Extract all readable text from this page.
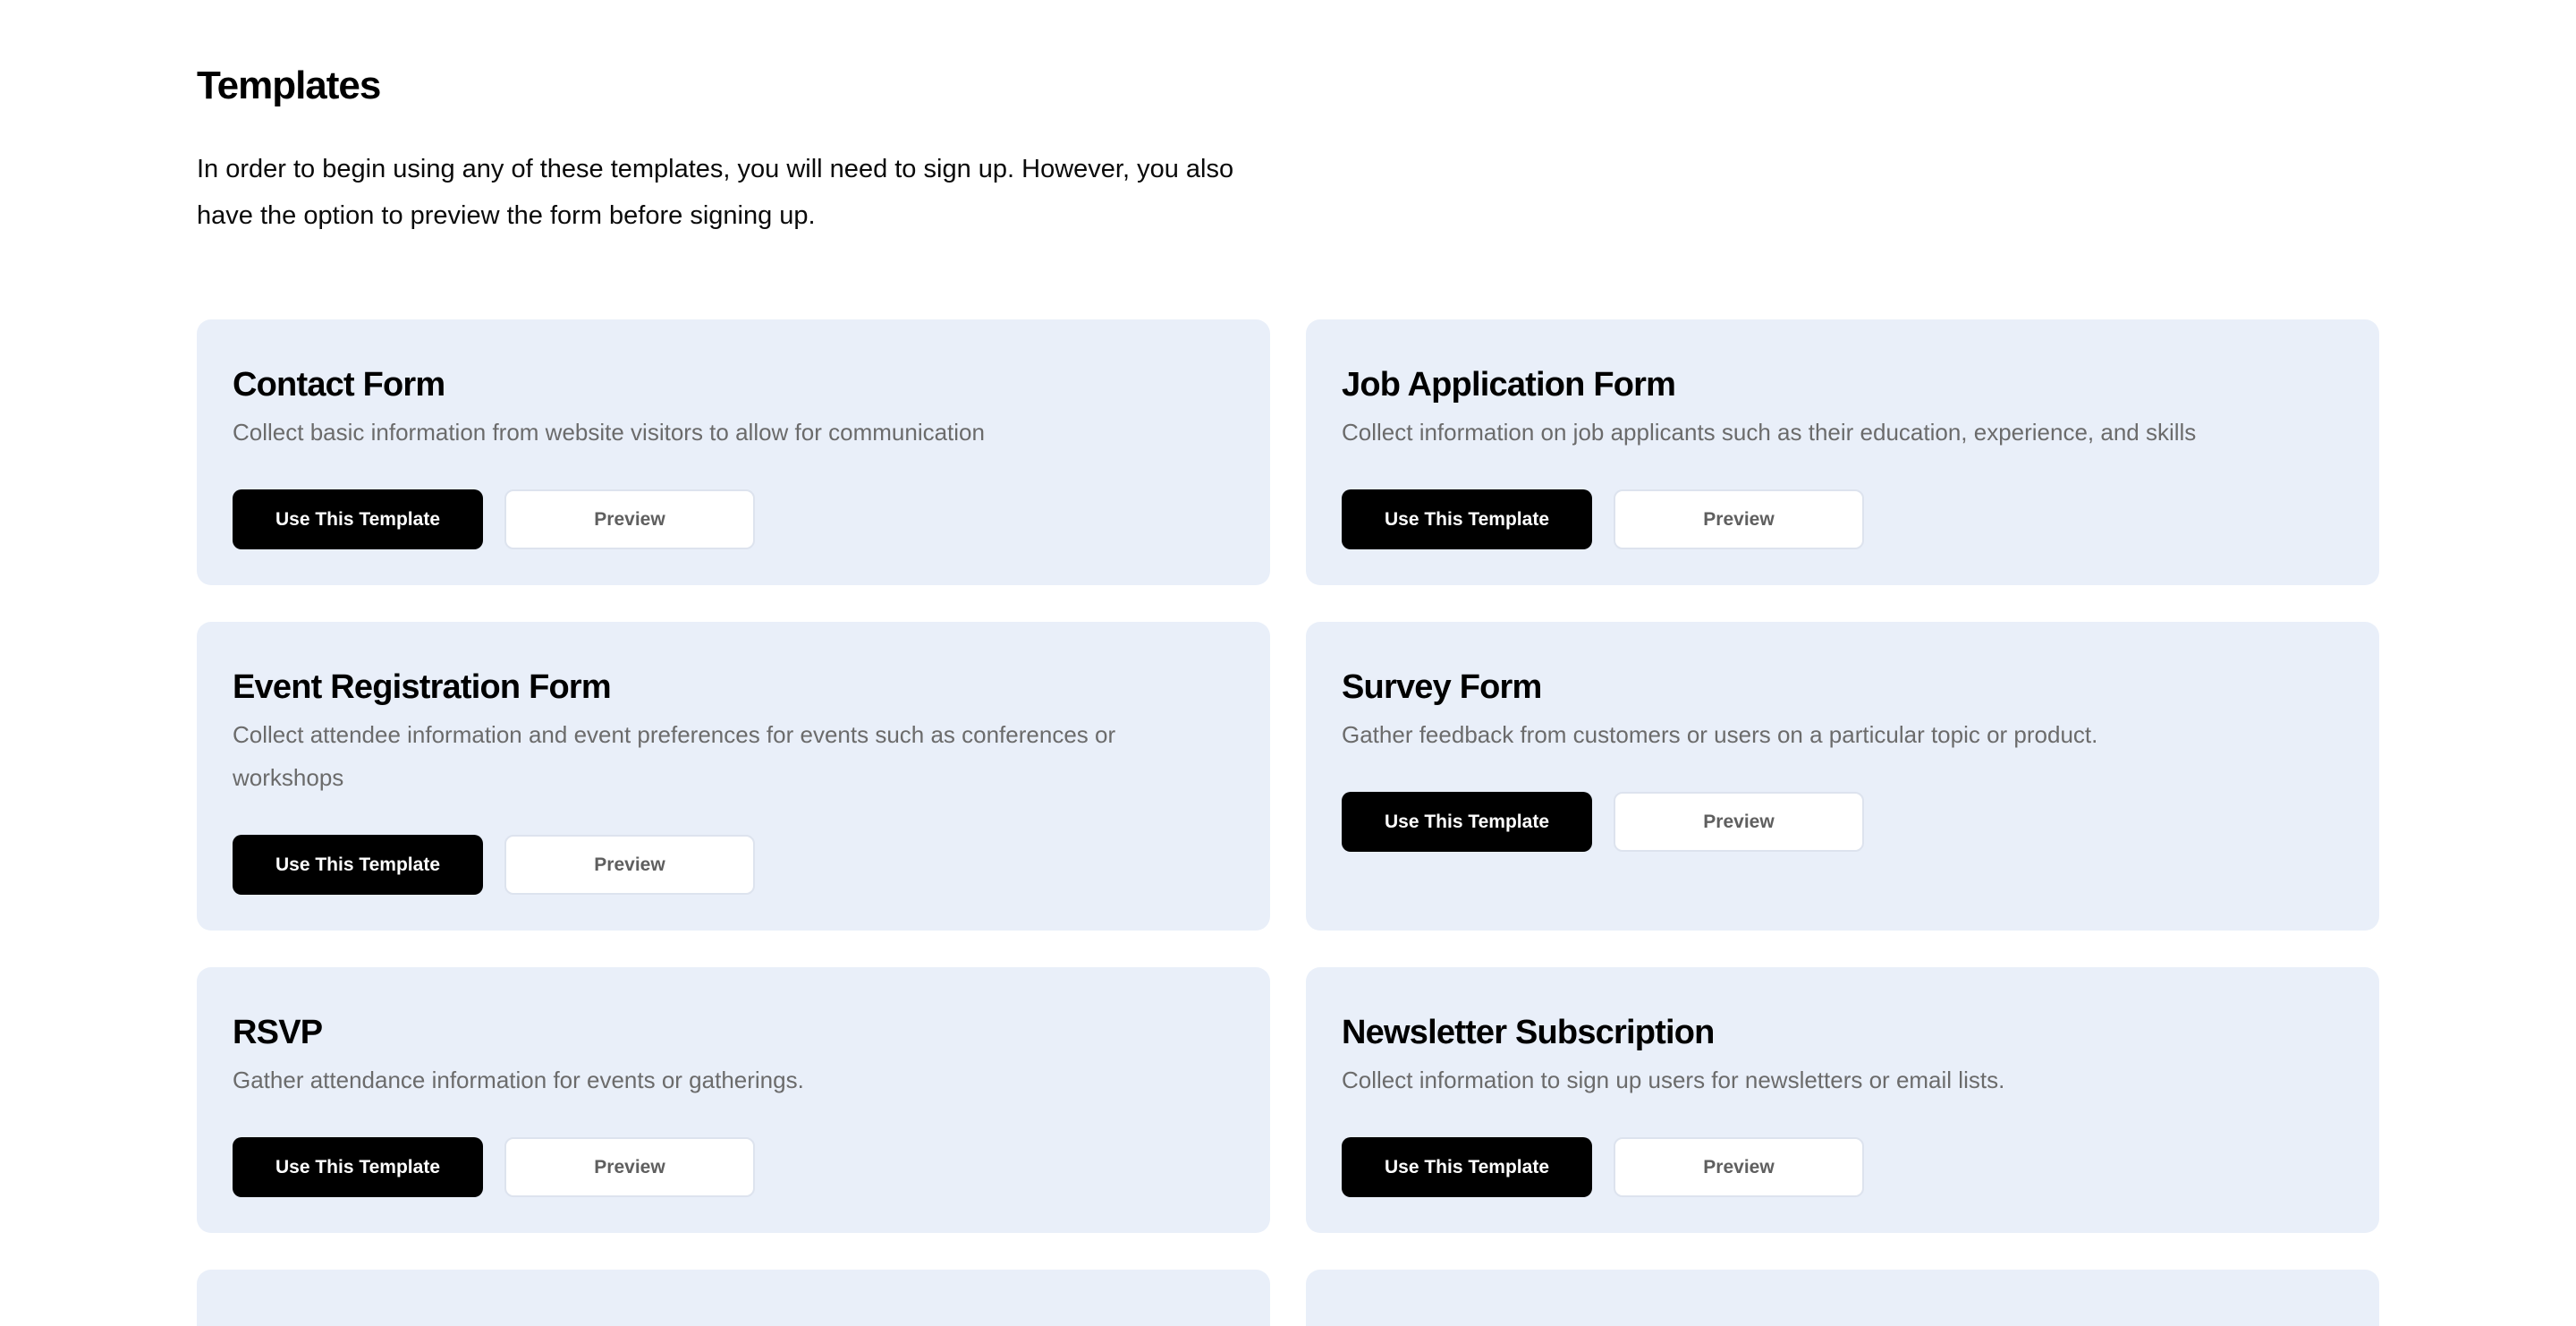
Templates

In order to begin using any of these templates, you will need to sign up. However, you also have the option to preview the form before signing up.

Contact Form

Collect basic information from website visitors to allow for communication

Use This Template	Preview
Job Application Form

Collect information on job applicants such as their education, experience, and skills

Use This Template	Preview
Event Registration Form

Collect attendee information and event preferences for events such as conferences or workshops

Use This Template	Preview
Survey Form

Gather feedback from customers or users on a particular topic or product.

Use This Template	Preview
RSVP

Gather attendance information for events or gatherings.

Use This Template	Preview
Newsletter Subscription

Collect information to sign up users for newsletters or email lists.

Use This Template	Preview
